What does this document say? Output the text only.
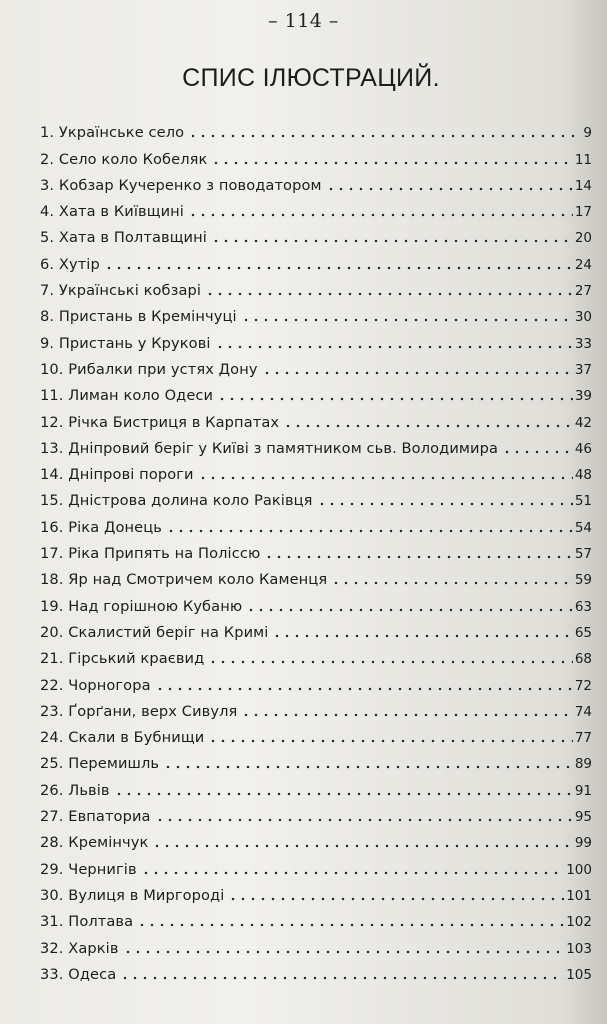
– 114 –
СПИС ІЛЮСТРАЦИЙ.
1. Українське село	9
2. Село коло Кобеляк	11
3. Кобзар Кучеренко з поводатором	14
4. Хата в Київщині	17
5. Хата в Полтавщині	20
6. Хутір	24
7. Українські кобзарі	27
8. Пристань в Кремінчуці	30
9. Пристань у Крукові	33
10. Рибалки при устях Дону	37
11. Лиман коло Одеси	39
12. Річка Бистриця в Карпатах	42
13. Дніпровий беріг у Київі з памятником сьв. Володимира	46
14. Дніпрові пороги	48
15. Дністрова долина коло Раківця	51
16. Ріка Донець	54
17. Ріка Припять на Поліссю	57
18. Яр над Смотричем коло Каменця	59
19. Над горішною Кубаню	63
20. Скалистий беріг на Кримі	65
21. Гірський краєвид	68
22. Чорногора	72
23. Ґорґани, верх Сивуля	74
24. Скали в Бубнищи	77
25. Перемишль	89
26. Львів	91
27. Евпаториа	95
28. Кремінчук	99
29. Чернигів	100
30. Вулиця в Миргороді	101
31. Полтава	102
32. Харків	103
33. Одеса	105
